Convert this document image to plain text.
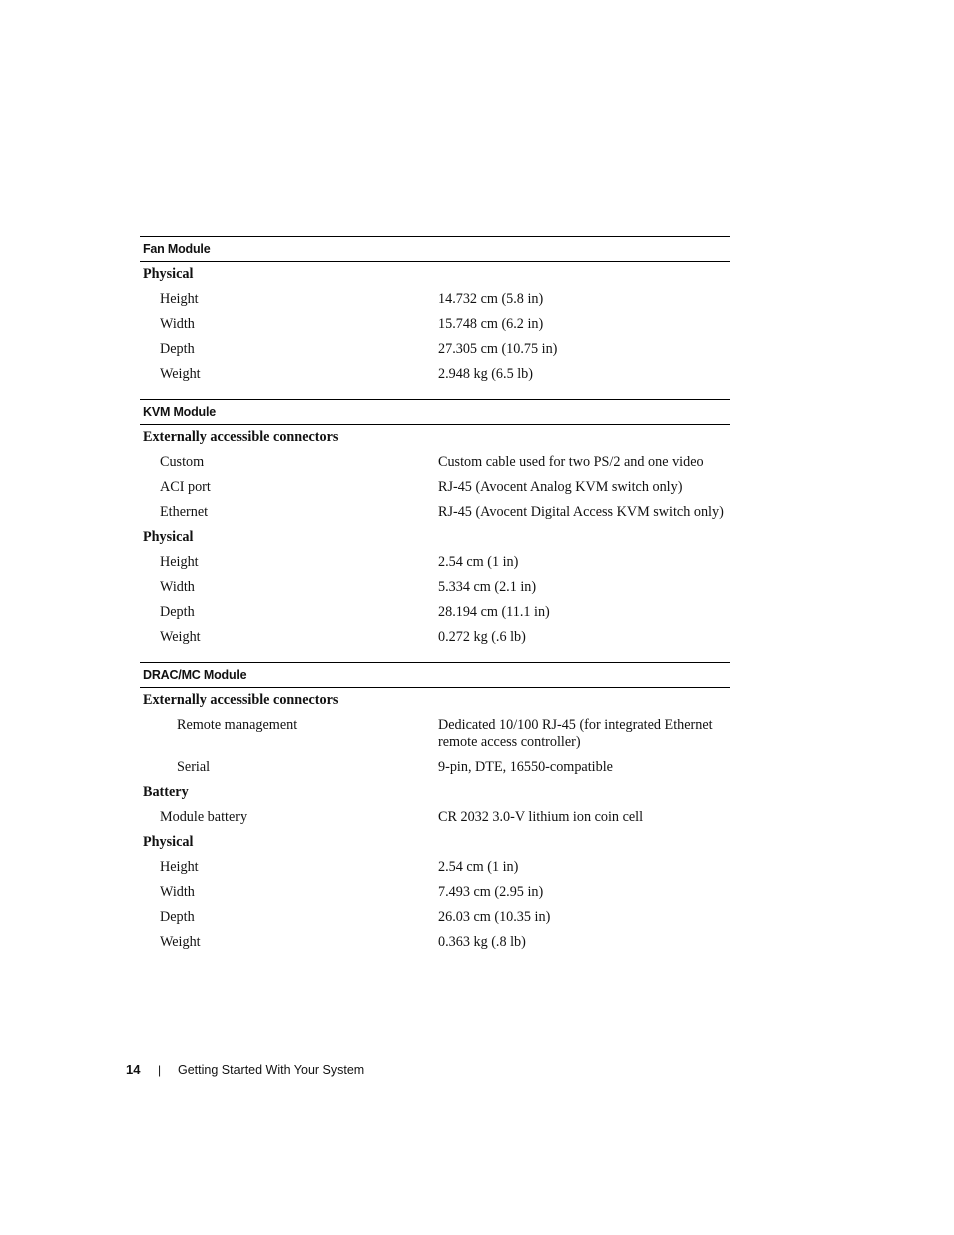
Fan Module
Physical
Height	14.732 cm (5.8 in)
Width	15.748 cm (6.2 in)
Depth	27.305 cm (10.75 in)
Weight	2.948 kg (6.5 lb)
KVM Module
Externally accessible connectors
Custom	Custom cable used for two PS/2 and one video
ACI port	RJ-45 (Avocent Analog KVM switch only)
Ethernet	RJ-45 (Avocent Digital Access KVM switch only)
Physical
Height	2.54 cm (1 in)
Width	5.334 cm (2.1 in)
Depth	28.194 cm (11.1 in)
Weight	0.272 kg (.6 lb)
DRAC/MC Module
Externally accessible connectors
Remote management	Dedicated 10/100 RJ-45 (for integrated Ethernet remote access controller)
Serial	9-pin, DTE, 16550-compatible
Battery
Module battery	CR 2032 3.0-V lithium ion coin cell
Physical
Height	2.54 cm (1 in)
Width	7.493 cm (2.95 in)
Depth	26.03 cm (10.35 in)
Weight	0.363 kg (.8 lb)
14	|	Getting Started With Your System
